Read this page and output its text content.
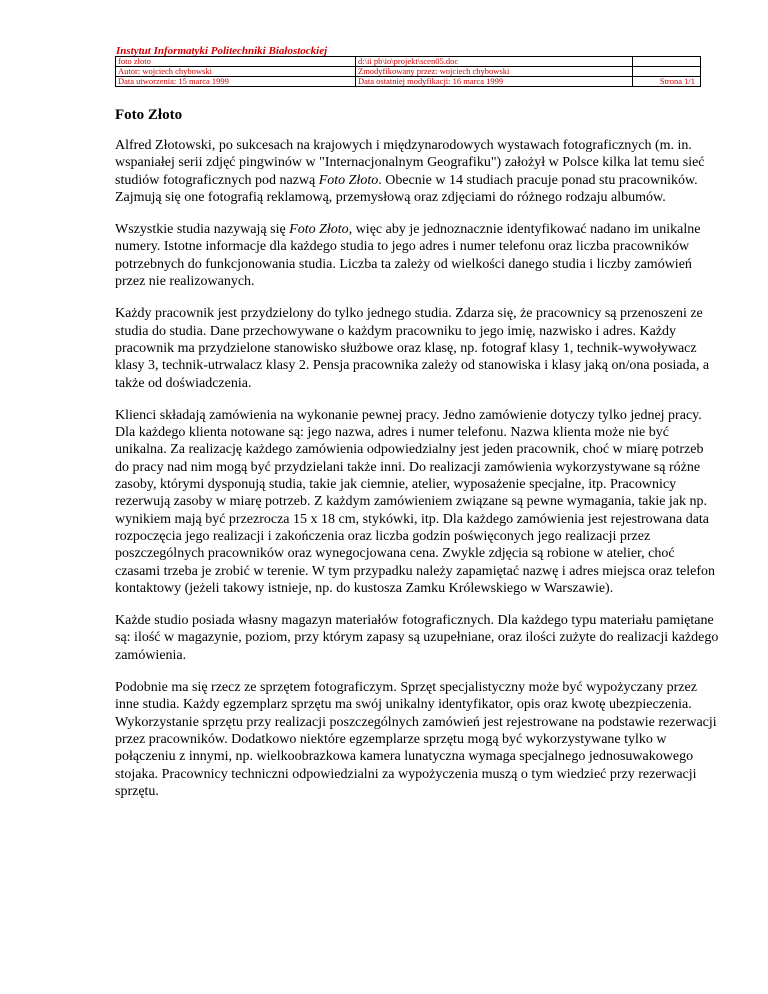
Instytut Informatyki Politechniki Białostockiej
foto złoto	d:\ii pb\io\projekt\scen05.doc	
Autor: wojciech chybowski	Zmodyfikowany przez: wojciech chybowski	
Data utworzenia: 15 marca 1999	Data ostatniej modyfikacji: 16 marca 1999	Strona 1/1
Foto Złoto

Alfred Złotowski, po sukcesach na krajowych i międzynarodowych wystawach fotograficznych (m. in. wspaniałej serii zdjęć pingwinów w "Internacjonalnym Geografiku") założył w Polsce kilka lat temu sieć studiów fotograficznych pod nazwą Foto Złoto. Obecnie w 14 studiach pracuje ponad stu pracowników. Zajmują się one fotografią reklamową, przemysłową oraz zdjęciami do różnego rodzaju albumów.

Wszystkie studia nazywają się Foto Złoto, więc aby je jednoznacznie identyfikować nadano im unikalne numery. Istotne informacje dla każdego studia to jego adres i numer telefonu oraz liczba pracowników potrzebnych do funkcjonowania studia. Liczba ta zależy od wielkości danego studia i liczby zamówień przez nie realizowanych.

Każdy pracownik jest przydzielony do tylko jednego studia. Zdarza się, że pracownicy są przenoszeni ze studia do studia. Dane przechowywane o każdym pracowniku to jego imię, nazwisko i adres. Każdy pracownik ma przydzielone stanowisko służbowe oraz klasę, np. fotograf klasy 1, technik-wywoływacz klasy 3, technik-utrwalacz klasy 2. Pensja pracownika zależy od stanowiska i klasy jaką on/ona posiada, a także od doświadczenia.

Klienci składają zamówienia na wykonanie pewnej pracy. Jedno zamówienie dotyczy tylko jednej pracy. Dla każdego klienta notowane są: jego nazwa, adres i numer telefonu. Nazwa klienta może nie być unikalna. Za realizację każdego zamówienia odpowiedzialny jest jeden pracownik, choć w miarę potrzeb do pracy nad nim mogą być przydzielani także inni. Do realizacji zamówienia wykorzystywane są różne zasoby, którymi dysponują studia, takie jak ciemnie, atelier, wyposażenie specjalne, itp. Pracownicy rezerwują zasoby w miarę potrzeb. Z każdym zamówieniem związane są pewne wymagania, takie jak np. wynikiem mają być przezrocza 15 x 18 cm, stykówki, itp. Dla każdego zamówienia jest rejestrowana data rozpoczęcia jego realizacji i zakończenia oraz liczba godzin poświęconych jego realizacji przez poszczególnych pracowników oraz wynegocjowana cena. Zwykle zdjęcia są robione w atelier, choć czasami trzeba je zrobić w terenie. W tym przypadku należy zapamiętać nazwę i adres miejsca oraz telefon kontaktowy (jeżeli takowy istnieje, np. do kustosza Zamku Królewskiego w Warszawie).

Każde studio posiada własny magazyn materiałów fotograficznych. Dla każdego typu materiału pamiętane są: ilość w magazynie, poziom, przy którym zapasy są uzupełniane, oraz ilości zużyte do realizacji każdego zamówienia.

Podobnie ma się rzecz ze sprzętem fotograficzym. Sprzęt specjalistyczny może być wypożyczany przez inne studia. Każdy egzemplarz sprzętu ma swój unikalny identyfikator, opis oraz kwotę ubezpieczenia. Wykorzystanie sprzętu przy realizacji poszczególnych zamówień jest rejestrowane na podstawie rezerwacji przez pracowników. Dodatkowo niektóre egzemplarze sprzętu mogą być wykorzystywane tylko w połączeniu z innymi, np. wielkoobrazkowa kamera lunatyczna wymaga specjalnego jednosuwakowego stojaka. Pracownicy techniczni odpowiedzialni za wypożyczenia muszą o tym wiedzieć przy rezerwacji sprzętu.
